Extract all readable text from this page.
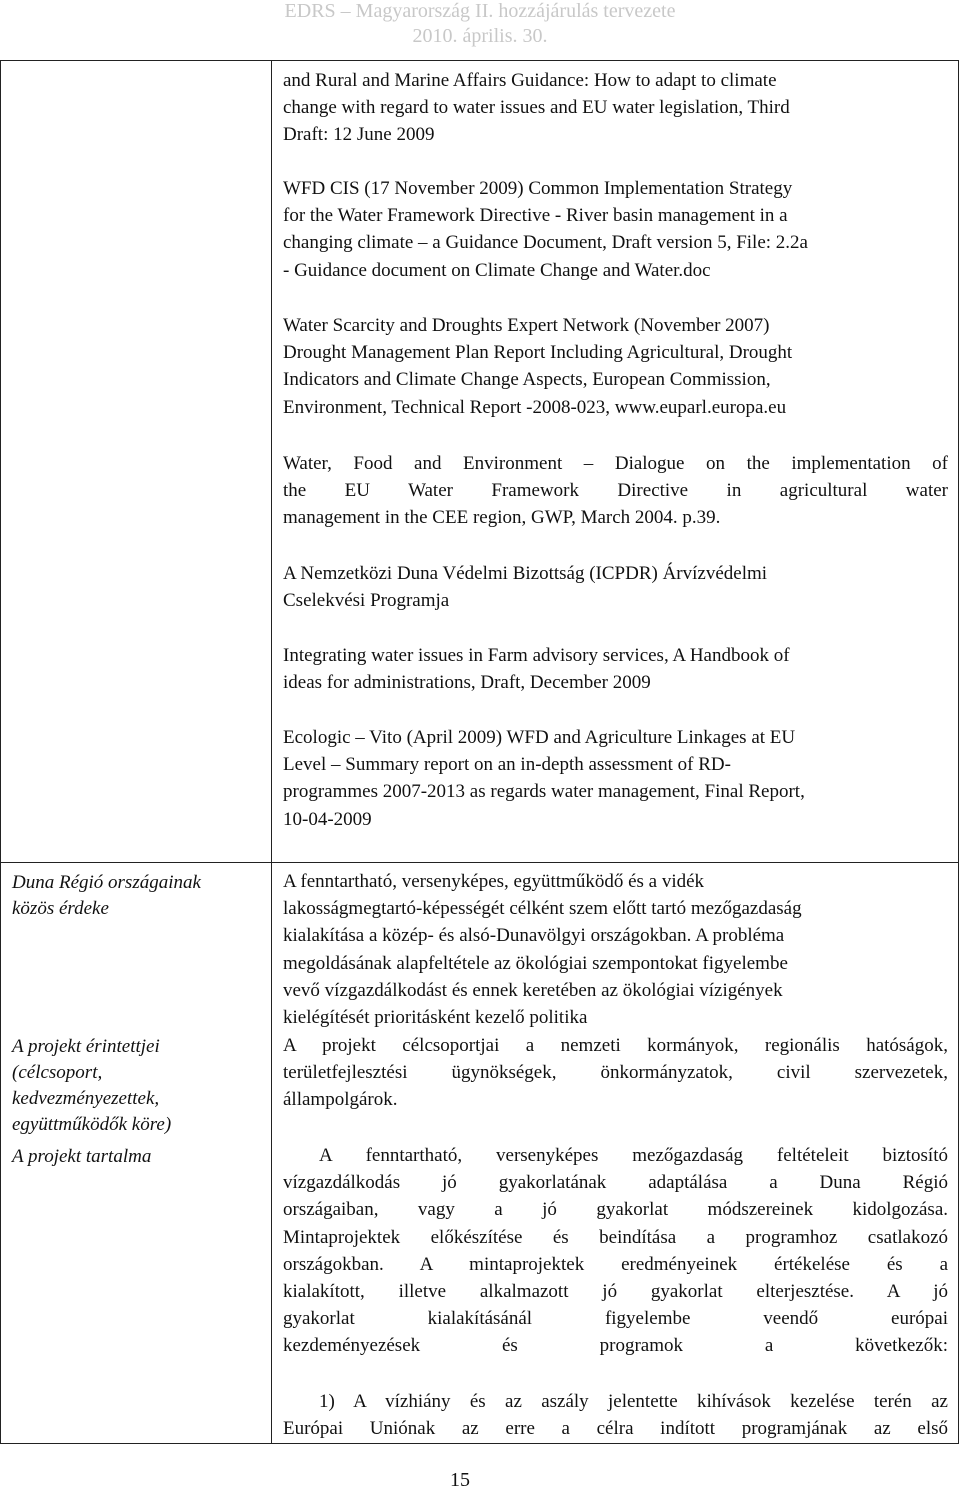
EDRS – Magyarország II. hozzájárulás tervezete
2010. április. 30.
and Rural and Marine Affairs Guidance: How to adapt to climate
change with regard to water issues and EU water legislation, Third
Draft: 12 June 2009
WFD CIS (17 November 2009) Common Implementation Strategy
for the Water Framework Directive - River basin management in a
changing climate – a Guidance Document, Draft version 5, File: 2.2a
- Guidance document on Climate Change and Water.doc
Water Scarcity and Droughts Expert Network (November 2007)
Drought Management Plan Report Including Agricultural, Drought
Indicators and Climate Change Aspects, European Commission,
Environment, Technical Report -2008-023, www.euparl.europa.eu
Water, Food and Environment – Dialogue on the implementation of
the EU Water Framework Directive in agricultural water
management in the CEE region, GWP, March 2004. p.39.
A Nemzetközi Duna Védelmi Bizottság (ICPDR) Árvízvédelmi
Cselekvési Programja
Integrating water issues in Farm advisory services, A Handbook of
ideas for administrations, Draft, December 2009
Ecologic – Vito (April 2009) WFD and Agriculture Linkages at EU
Level – Summary report on an in-depth assessment of RD-
programmes 2007-2013 as regards water management, Final Report,
10-04-2009
Duna Régió országainak
közös érdeke
A projekt érintettjei
(célcsoport,
kedvezményezettek,
együttműködők köre)
A projekt tartalma
A fenntartható, versenyképes, együttműködő és a vidék
lakosságmegtartó-képességét célként szem előtt tartó mezőgazdaság
kialakítása a közép- és alsó-Dunavölgyi országokban. A probléma
megoldásának alapfeltétele az ökológiai szempontokat figyelembe
vevő vízgazdálkodást és ennek keretében az ökológiai vízigények
kielégítését prioritásként kezelő politika
A projekt célcsoportjai a nemzeti kormányok, regionális hatóságok,
területfejlesztési ügynökségek, önkormányzatok, civil szervezetek,
állampolgárok.
A fenntartható, versenyképes mezőgazdaság feltételeit biztosító
vízgazdálkodás jó gyakorlatának adaptálása a Duna Régió
országaiban, vagy a jó gyakorlat módszereinek kidolgozása.
Mintaprojektek előkészítése és beindítása a programhoz csatlakozó
országokban. A mintaprojektek eredményeinek értékelése és a
kialakított, illetve alkalmazott jó gyakorlat elterjesztése. A jó
gyakorlat kialakításánál figyelembe veendő európai
kezdeményezések és programok a következők:
1) A vízhiány és az aszály jelentette kihívások kezelése terén az
Európai Uniónak az erre a célra indított programjának az első
15
